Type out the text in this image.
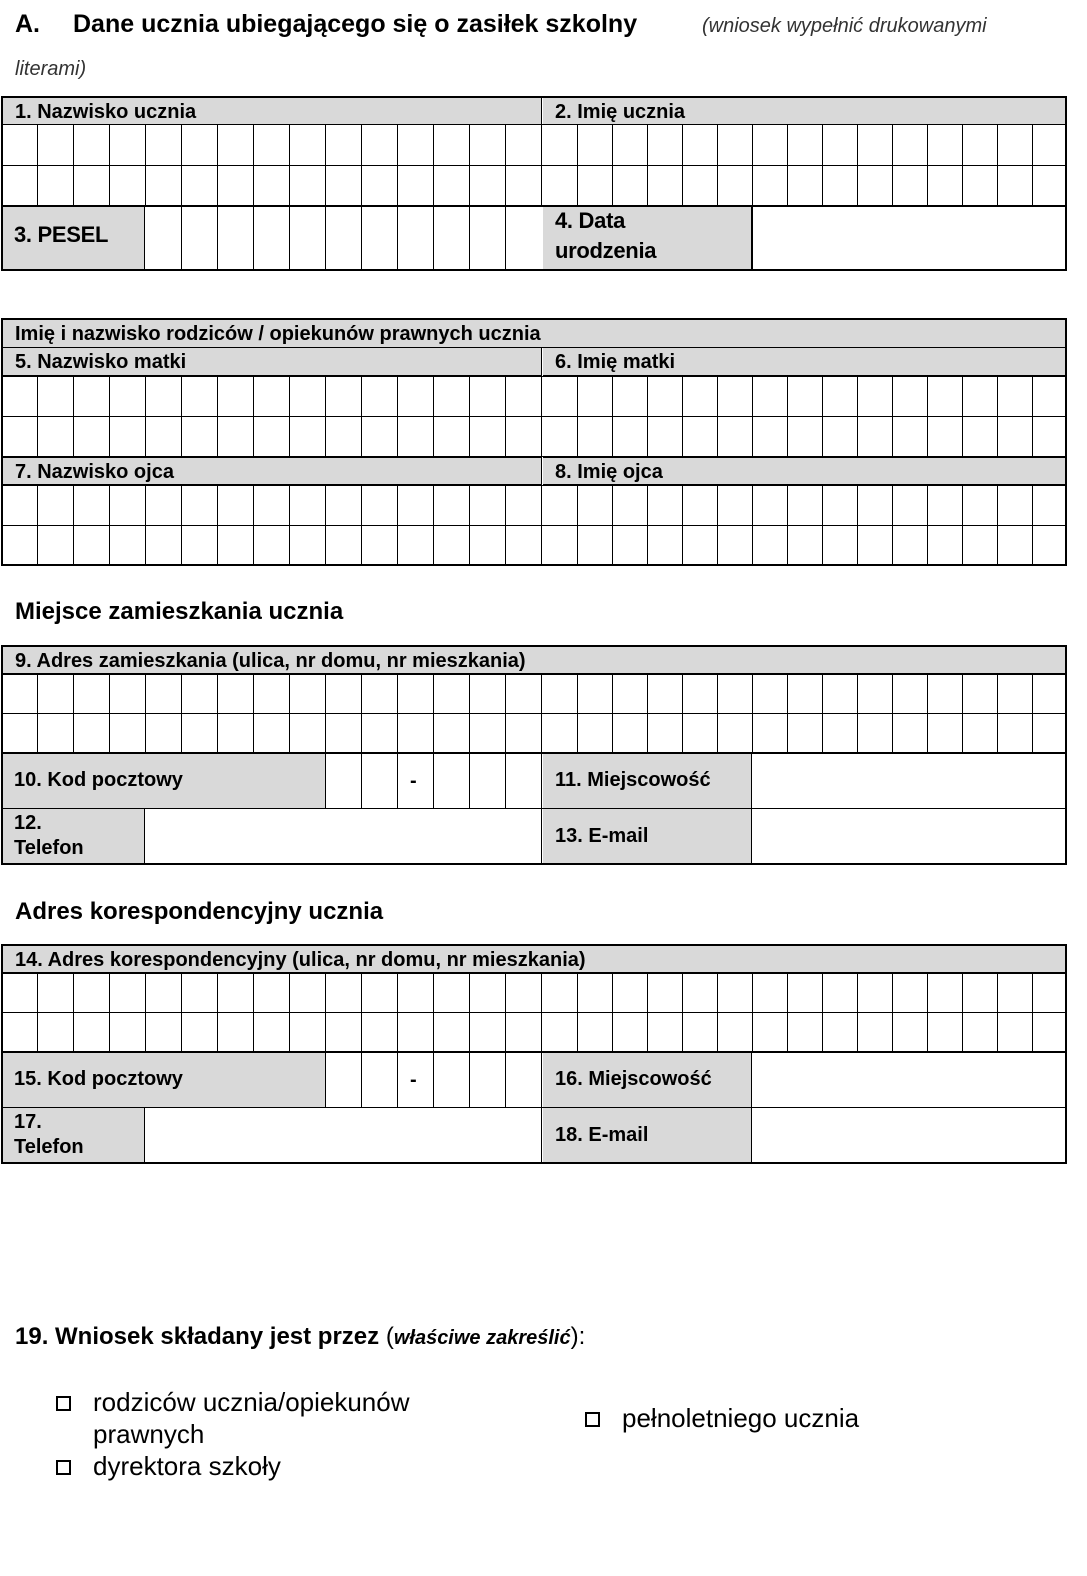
A. Dane ucznia ubiegającego się o zasiłek szkolny	(wniosek wypełnić drukowanymi
literami)
1. Nazwisko ucznia	2. Imię ucznia
3. PESEL
4. Data
urodzenia
Imię i nazwisko rodziców / opiekunów prawnych ucznia
5. Nazwisko matki	6. Imię matki
7. Nazwisko ojca	8. Imię ojca
Miejsce zamieszkania ucznia
9. Adres zamieszkania (ulica, nr domu, nr mieszkania)
10. Kod pocztowy	-	11. Miejscowość
12.
Telefon
13. E-mail
Adres korespondencyjny ucznia
14. Adres korespondencyjny (ulica, nr domu, nr mieszkania)
15. Kod pocztowy	-	16. Miejscowość
17.
Telefon
18. E-mail
19. Wniosek składany jest przez (właściwe zakreślić):
rodziców ucznia/opiekunów
prawnych
dyrektora szkoły
pełnoletniego ucznia
